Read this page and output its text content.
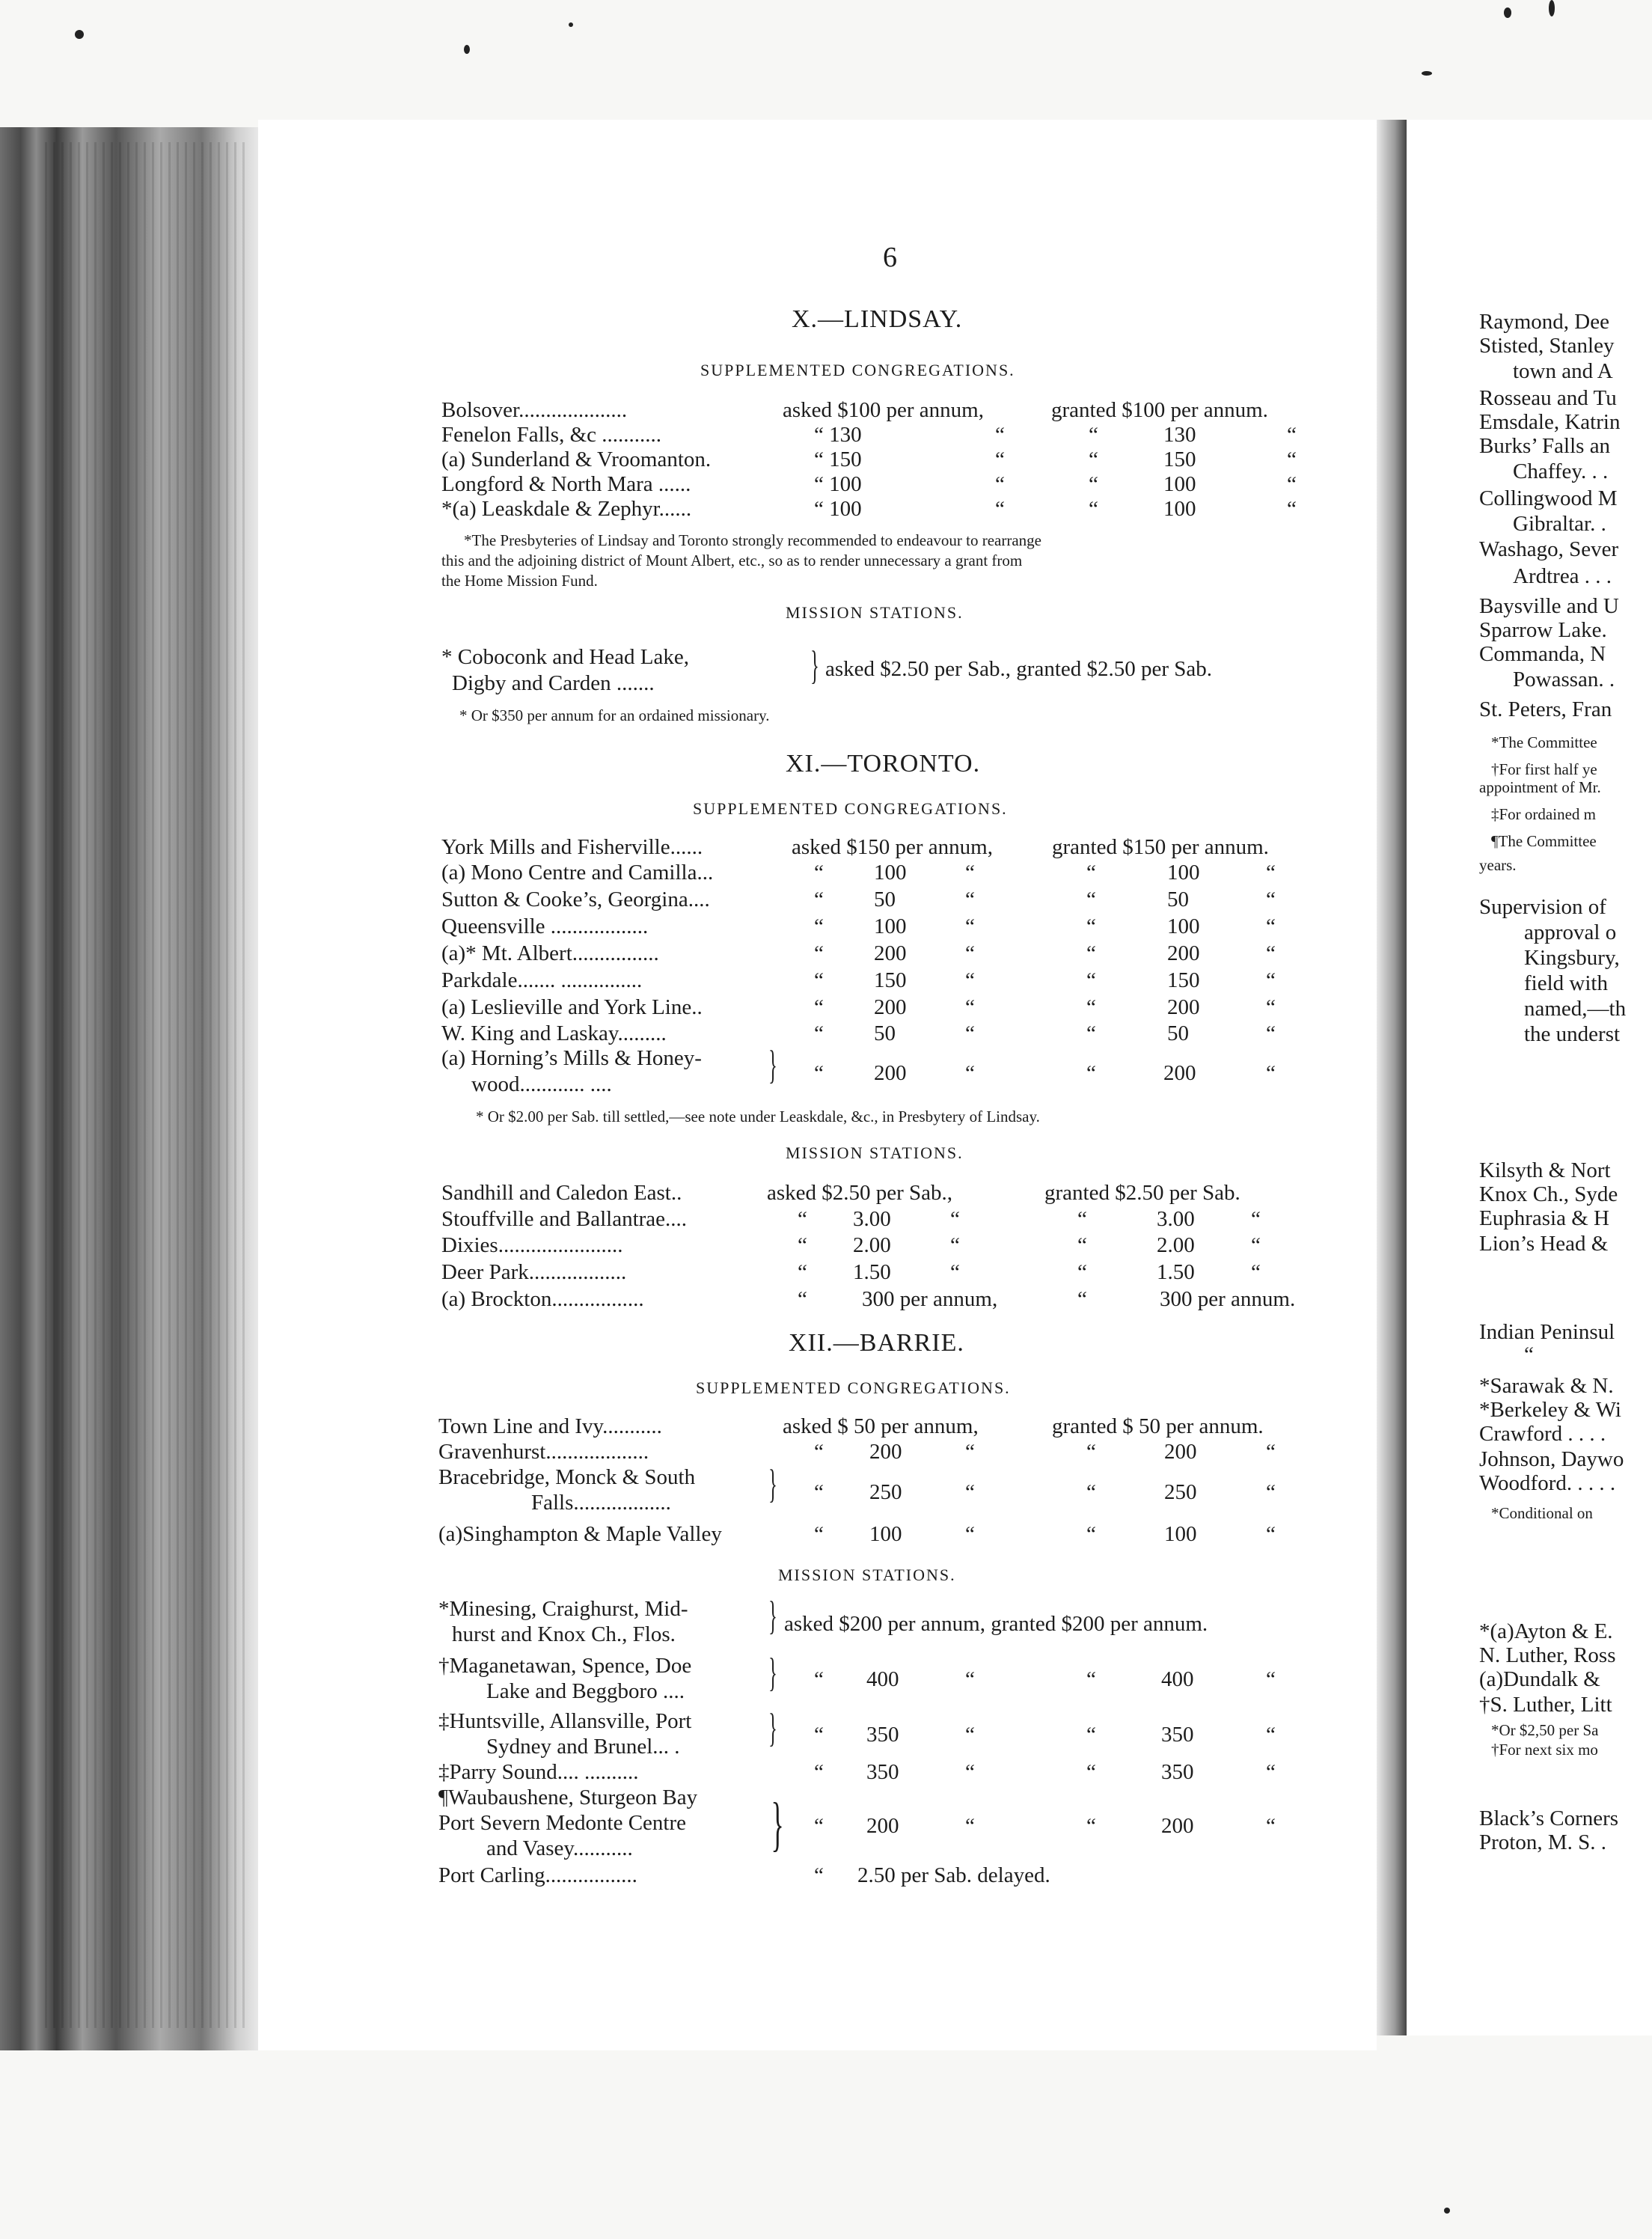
6
X.—LINDSAY.
SUPPLEMENTED CONGREGATIONS.
Bolsover....................	asked $100 per annum,	granted $100 per annum.
Fenelon Falls, &c ...........	“ 130	“	“	130	“
(a) Sunderland & Vroomanton.	“ 150	“	“	150	“
Longford & North Mara ......	“ 100	“	“	100	“
*(a) Leaskdale & Zephyr......	“ 100	“	“	100	“
*The Presbyteries of Lindsay and Toronto strongly recommended to endeavour to rearrange
this and the adjoining district of Mount Albert, etc., so as to render unnecessary a grant from
the Home Mission Fund.
MISSION STATIONS.
* Coboconk and Head Lake,
Digby and Carden .......	} asked $2.50 per Sab., granted $2.50 per Sab.
* Or $350 per annum for an ordained missionary.
XI.—TORONTO.
SUPPLEMENTED CONGREGATIONS.
York Mills and Fisherville......	asked $150 per annum,	granted $150 per annum.
(a) Mono Centre and Camilla...	“ 100	“	“	100	“
Sutton & Cooke’s, Georgina....	“ 50	“	“	50	“
Queensville ..................	“ 100	“	“	100	“
(a)* Mt. Albert................	“ 200	“	“	200	“
Parkdale....... ...............	“ 150	“	“	150	“
(a) Leslieville and York Line..	“ 200	“	“	200	“
W. King and Laskay.........	“ 50	“	“	50	“
(a) Horning’s Mills & Honey-
wood............ ....	} “ 200	“	“	200	“
* Or $2.00 per Sab. till settled,—see note under Leaskdale, &c., in Presbytery of Lindsay.
MISSION STATIONS.
Sandhill and Caledon East..	asked $2.50 per Sab.,	granted $2.50 per Sab.
Stouffville and Ballantrae....	“ 3.00	“	“	3.00	“
Dixies.......................	“ 2.00	“	“	2.00	“
Deer Park..................	“ 1.50	“	“	1.50	“
(a) Brockton.................	“	300 per annum,	“	300 per annum.
XII.—BARRIE.
SUPPLEMENTED CONGREGATIONS.
Town Line and Ivy...........	asked $ 50 per annum,	granted $ 50 per annum.
Gravenhurst...................	“ 200	“	“	200	“
Bracebridge, Monck & South
Falls.................. } “ 250	“	“	250	“
(a)Singhampton & Maple Valley	“ 100	“	“	100	“
MISSION STATIONS.
*Minesing, Craighurst, Mid-
hurst and Knox Ch., Flos. } asked $200 per annum, granted $200 per annum.
†Maganetawan, Spence, Doe
Lake and Beggboro .... } “ 400	“	“	400	“
‡Huntsville, Allansville, Port
Sydney and Brunel... . } “ 350	“	“	350	“
‡Parry Sound.... ..........	“ 350	“	“	350	“
¶Waubaushene, Sturgeon Bay
Port Severn Medonte Centre
and Vasey........... } “ 200	“	“	200	“
Port Carling.................	“ 2.50 per Sab. delayed.
Raymond, Dee
Stisted, Stanley
town and A
Rosseau and Tu
Emsdale, Katrin
Burks’ Falls an
Chaffey. . .
Collingwood M
Gibraltar. .
Washago, Sever
Ardtrea . . .
Baysville and U
Sparrow Lake.
Commanda, N
Powassan. .
St. Peters, Fran
*The Committee
†For first half ye
appointment of Mr.
‡For ordained m
¶The Committee
years.
Supervision of
approval o
Kingsbury,
field with
named,—th
the underst
Kilsyth & Nort
Knox Ch., Syde
Euphrasia & H
Lion’s Head &
Indian Peninsul
“
*Sarawak & N.
*Berkeley & Wi
Crawford . . . .
Johnson, Daywo
Woodford. . . . .
*Conditional on
*(a)Ayton & E.
N. Luther, Ross
(a)Dundalk &
†S. Luther, Litt
*Or $2,50 per Sa
†For next six mo
Black’s Corners
Proton, M. S. .
